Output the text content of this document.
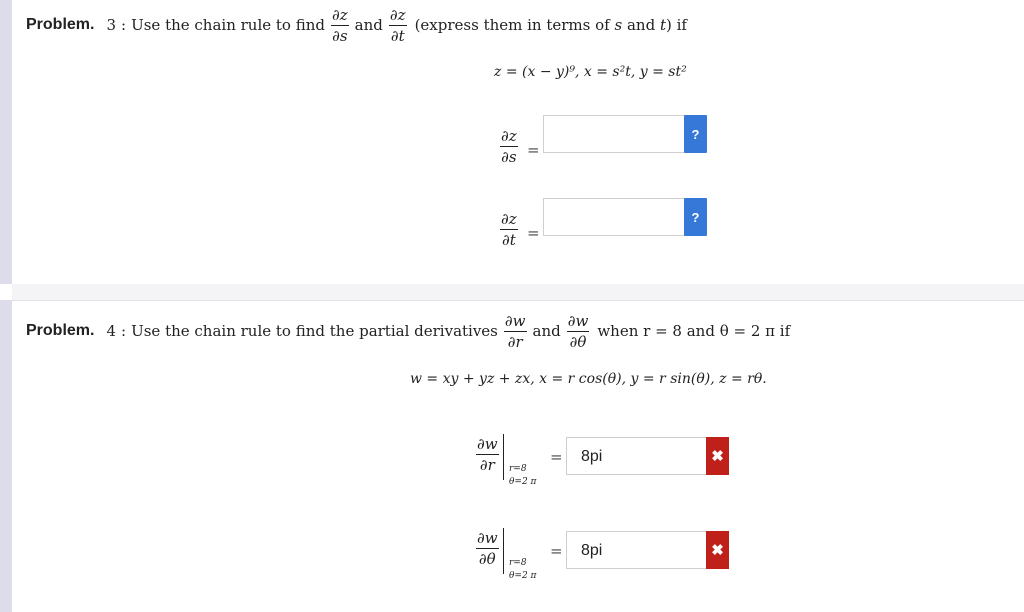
Problem. 3 : Use the chain rule to find $\frac{\partial z}{\partial s}$ and $\frac{\partial z}{\partial t}$ (express them in terms of s and t) if
z = (x − y)⁹, x = s²t, y = st²
$\frac{\partial z}{\partial s}$ =
?
$\frac{\partial z}{\partial t}$ =
?
Problem. 4 : Use the chain rule to find the partial derivatives $\frac{\partial w}{\partial r}$ and $\frac{\partial w}{\partial\theta}$ when r = 8 and θ = 2 π if
w = xy + yz + zx, x = r cos(θ), y = r sin(θ), z = rθ.
$\frac{\partial w}{\partial r} r=8$
θ=2 π
=	8pi	✖
$\frac{\partial w}{\partial\theta} r=8$
θ=2 π
=	8pi	✖
